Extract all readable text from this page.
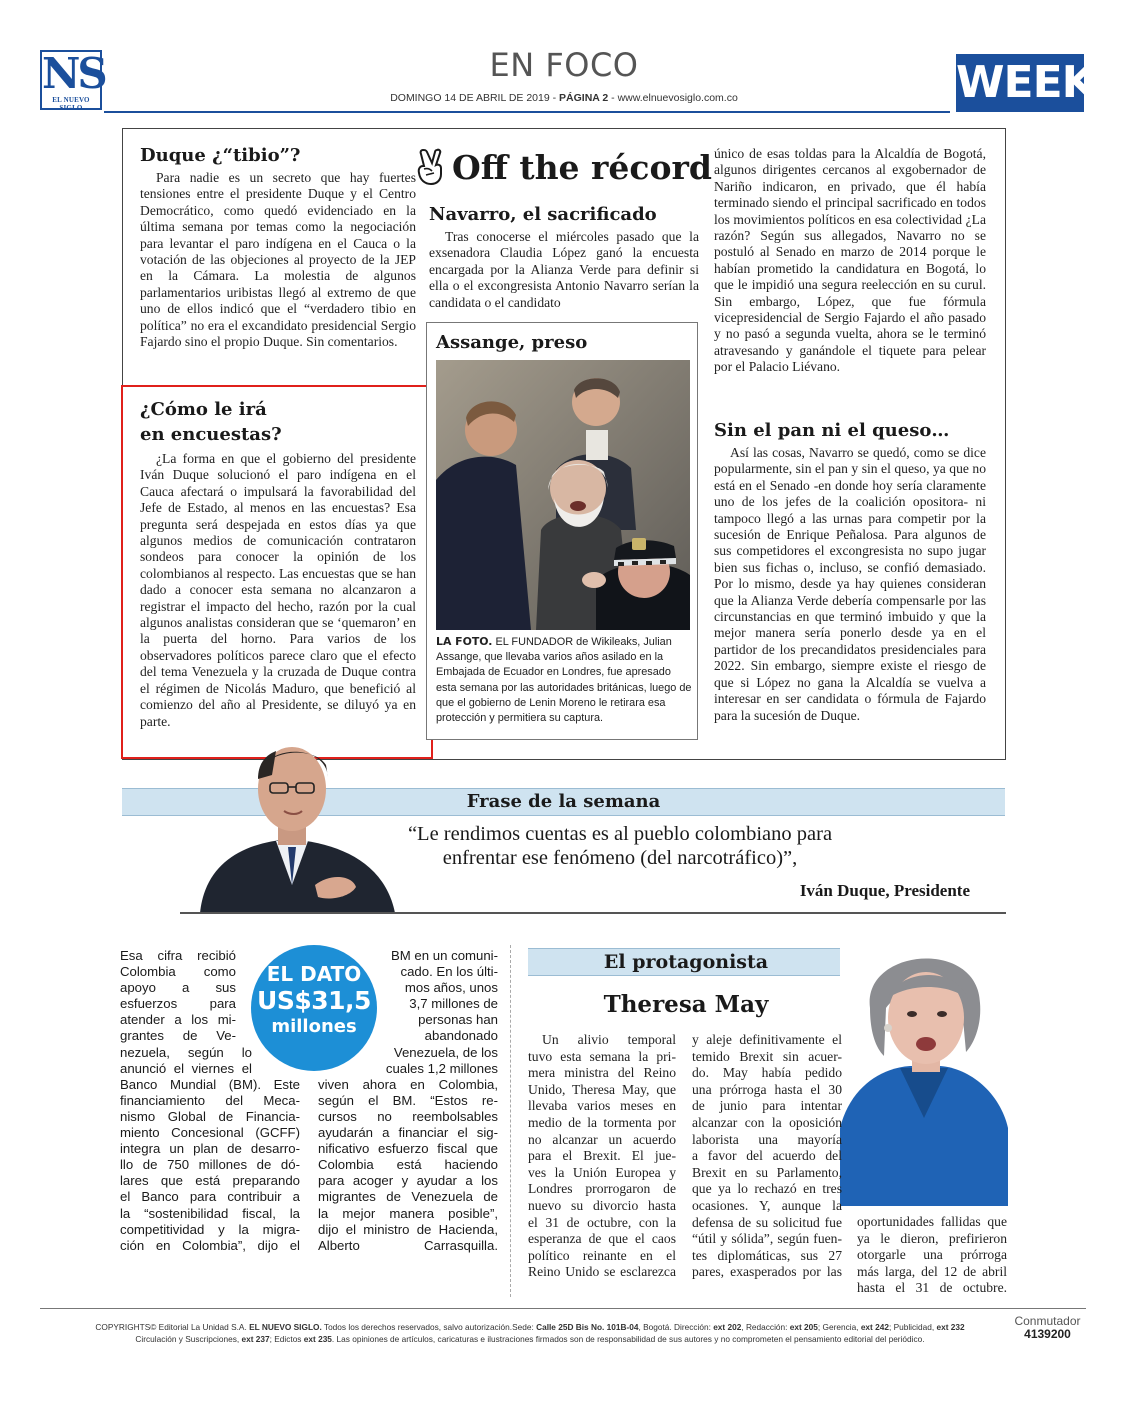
NS
EL NUEVO SIGLO
EN FOCO
DOMINGO 14 DE ABRIL DE 2019 - PÁGINA 2 - www.elnuevosiglo.com.co	WEEK
Duque ¿“tibio”?

Para nadie es un secreto que hay fuertes tensiones entre el presidente Duque y el Centro Democrático, como quedó evidenciado en la última semana por temas como la negociación para levantar el paro indígena en el Cauca o la votación de las objeciones al proyecto de la JEP en la Cámara. La molestia de algunos parlamentarios uribistas llegó al extremo de que uno de ellos indicó que el “verdadero tibio en política” no era el excandidato presidencial Sergio Fajardo sino el propio Duque. Sin comentarios.

¿Cómo le irá
en encuestas?

¿La forma en que el gobierno del presidente Iván Duque solucionó el paro indígena en el Cauca afectará o impulsará la favorabilidad del Jefe de Estado, al menos en las encuestas? Esa pregunta será despejada en estos días ya que algunos medios de comunicación contrataron sondeos para conocer la opinión de los colombianos al respecto. Las encuestas que se han dado a conocer esta semana no alcanzaron a registrar el impacto del hecho, razón por la cual algunos analistas consideran que se ‘quemaron’ en la puerta del horno. Para varios de los observadores políticos parece claro que el efecto del tema Venezuela y la cruzada de Duque contra el régimen de Nicolás Maduro, que benefició al comienzo del año al Presidente, se diluyó ya en parte.

Off the récord
Navarro, el sacrificado

Tras conocerse el miércoles pasado que la exsenadora Claudia López ganó la encuesta encargada por la Alianza Verde para definir si ella o el excongresista Antonio Navarro serían la candidata o el candidato

Assange, preso
LA FOTO. EL FUNDADOR de Wikileaks, Julian Assange, que llevaba varios años asilado en la Embajada de Ecuador en Londres, fue apresado esta semana por las autoridades británicas, luego de que el gobierno de Lenin Moreno le retirara esa protección y permitiera su captura.

único de esas toldas para la Alcaldía de Bogotá, algunos dirigentes cercanos al exgobernador de Nariño indicaron, en privado, que él había terminado siendo el principal sacrificado en todos los movimientos políticos en esa colectividad ¿La razón? Según sus allegados, Navarro no se postuló al Senado en marzo de 2014 porque le habían prometido la candidatura en Bogotá, lo que le impidió una segura reelección en su curul. Sin embargo, López, que fue fórmula vicepresidencial de Sergio Fajardo el año pasado y no pasó a segunda vuelta, ahora se le terminó atravesando y ganándole el tiquete para pelear por el Palacio Liévano.

Sin el pan ni el queso…

Así las cosas, Navarro se quedó, como se dice popularmente, sin el pan y sin el queso, ya que no está en el Senado -en donde hoy sería claramente uno de los jefes de la coalición opositora- ni tampoco llegó a las urnas para competir por la sucesión de Enrique Peñalosa. Para algunos de sus competidores el excongresista no supo jugar bien sus fichas o, incluso, se confió demasiado. Por lo mismo, desde ya hay quienes consideran que la Alianza Verde debería compensarle por las circunstancias en que terminó imbuido y que la mejor manera sería ponerlo desde ya en el partidor de los precandidatos presidenciales para 2022. Sin embargo, siempre existe el riesgo de que si López no gana la Alcaldía se vuelva a interesar en ser candidata o fórmula de Fajardo para la sucesión de Duque.

Frase de la semana
“Le rendimos cuentas es al pueblo colombiano para
enfrentar ese fenómeno (del narcotráfico)”,
Iván Duque, Presidente
Esa cifra recibió
Colombia como
apoyo a sus
esfuerzos para
atender a los mi-
grantes de Ve-
nezuela, según lo
anunció el viernes el
Banco Mundial (BM). Este
financiamiento del Meca-
nismo Global de Financia-
miento Concesional (GCFF)
integra un plan de desarro-
llo de 750 millones de dó-
lares que está preparando
el Banco para contribuir a
la “sostenibilidad fiscal, la
competitividad y la migra-
ción en Colombia”, dijo el
BM en un comuni-
cado. En los últi-
mos años, unos
3,7 millones de
personas han
abandonado
Venezuela, de los
cuales 1,2 millones
viven ahora en Colombia,
según el BM. “Estos re-
cursos no reembolsables
ayudarán a financiar el sig-
nificativo esfuerzo fiscal que
Colombia está haciendo
para acoger y ayudar a los
migrantes de Venezuela de
la mejor manera posible”,
dijo el ministro de Hacienda,
Alberto Carrasquilla.
EL DATO
US$31,5
millones
El protagonista
Theresa May
Un alivio temporal
tuvo esta semana la pri-
mera ministra del Reino
Unido, Theresa May, que
llevaba varios meses en
medio de la tormenta por
no alcanzar un acuerdo
para el Brexit. El jue-
ves la Unión Europea y
Londres prorrogaron de
nuevo su divorcio hasta
el 31 de octubre, con la
esperanza de que el caos
político reinante en el
Reino Unido se esclarezca
y aleje definitivamente el
temido Brexit sin acuer-
do. May había pedido
una prórroga hasta el 30
de junio para intentar
alcanzar con la oposición
laborista una mayoría
a favor del acuerdo del
Brexit en su Parlamento,
que ya lo rechazó en tres
ocasiones. Y, aunque la
defensa de su solicitud fue
“útil y sólida”, según fuen-
tes diplomáticas, sus 27
pares, exasperados por las
oportunidades fallidas que
ya le dieron, prefirieron
otorgarle una prórroga
más larga, del 12 de abril
hasta el 31 de octubre.
COPYRIGHTS© Editorial La Unidad S.A. EL NUEVO SIGLO. Todos los derechos reservados, salvo autorización.Sede: Calle 25D Bis No. 101B-04, Bogotá. Dirección: ext 202, Redacción: ext 205; Gerencia, ext 242; Publicidad, ext 232
Circulación y Suscripciones, ext 237; Edictos ext 235. Las opiniones de artículos, caricaturas e ilustraciones firmados son de responsabilidad de sus autores y no comprometen el pensamiento editorial del periódico.
Conmutador
4139200
